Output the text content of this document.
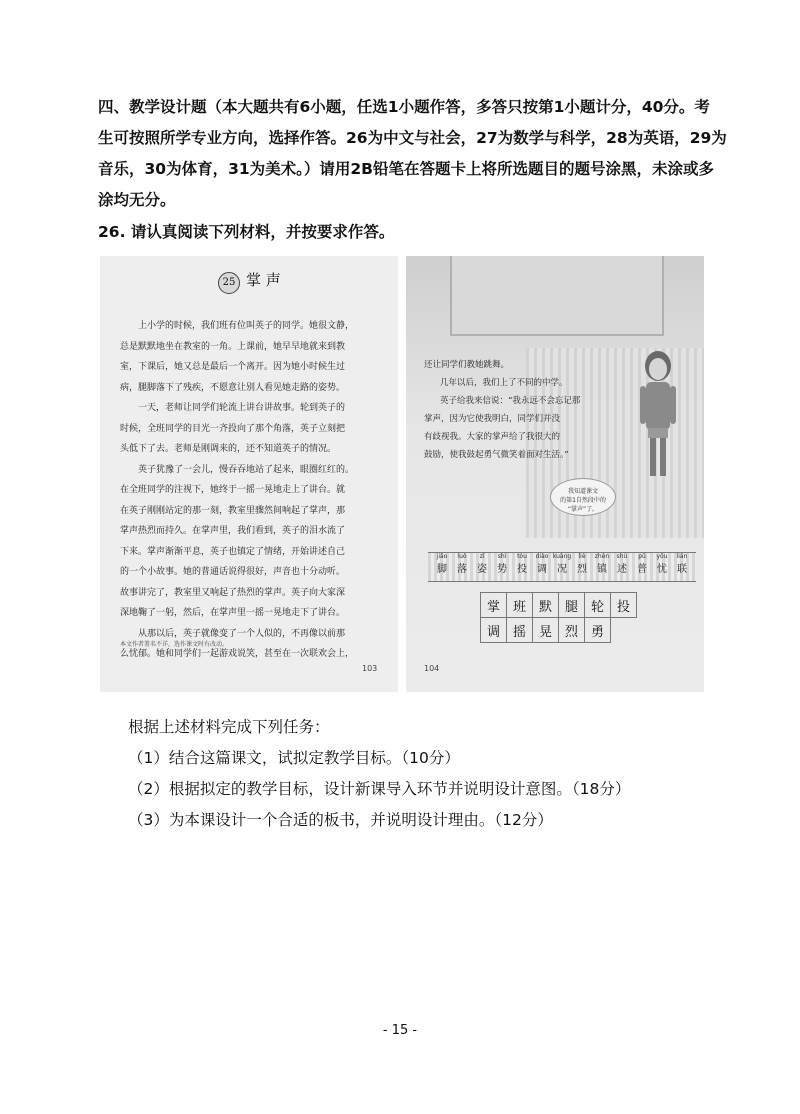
四、教学设计题（本大题共有6小题，任选1小题作答，多答只按第1小题计分，40分。考

生可按照所学专业方向，选择作答。26为中文与社会，27为数学与科学，28为英语，29为

音乐，30为体育，31为美术。）请用2B铅笔在答题卡上将所选题目的题号涂黑，未涂或多

涂均无分。

26. 请认真阅读下列材料，并按要求作答。
25 掌 声

上小学的时候，我们班有位叫英子的同学。她很文静，

总是默默地坐在教室的一角。上课前，她早早地就来到教

室，下课后，她又总是最后一个离开。因为她小时候生过

病，腿脚落下了残疾，不愿意让别人看见她走路的姿势。

一天，老师让同学们轮流上讲台讲故事。轮到英子的

时候，全班同学的目光一齐投向了那个角落，英子立刻把

头低下了去。老师是刚调来的，还不知道英子的情况。

英子犹豫了一会儿，慢吞吞地站了起来，眼圈红红的。

在全班同学的注视下，她终于一摇一晃地走上了讲台。就

在英子刚刚站定的那一刻，教室里骤然间响起了掌声，那

掌声热烈而持久。在掌声里，我们看到，英子的泪水流了

下来。掌声渐渐平息，英子也镇定了情绪，开始讲述自己

的一个小故事。她的普通话说得很好，声音也十分动听。

故事讲完了，教室里又响起了热烈的掌声。英子向大家深

深地鞠了一躬，然后，在掌声里一摇一晃地走下了讲台。

从那以后，英子就像变了一个人似的，不再像以前那

么忧郁。她和同学们一起游戏说笑，甚至在一次联欢会上，

本文作者署名不详，选作课文时有改动。
103

还让同学们教她跳舞。

几年以后，我们上了不同的中学。

英子给我来信说：“我永远不会忘记那

掌声，因为它使我明白，同学们并没

有歧视我。大家的掌声给了我很大的

鼓励，使我鼓起勇气微笑着面对生活。”

我知道课文

的第1自然段中的

“掌声”了。

jiǎo
脚
luò
落
zī
姿
shì
势
tóu
投
diào
调
kuàng
况
liè
烈
zhèn
镇
shù
述
pǔ
普
yōu
忧
lián
联
掌	班	默	腿	轮	投
调	摇	晃	烈	勇	
104

根据上述材料完成下列任务：

（1）结合这篇课文，试拟定教学目标。（10分）

（2）根据拟定的教学目标，设计新课导入环节并说明设计意图。（18分）

（3）为本课设计一个合适的板书，并说明设计理由。（12分）

- 15 -
